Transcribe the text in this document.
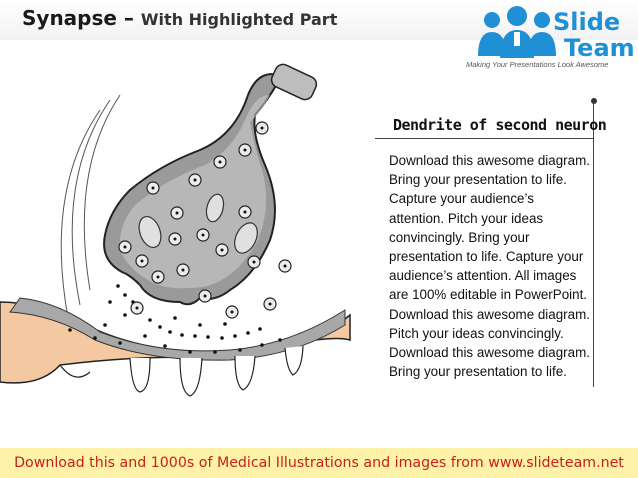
Synapse – With Highlighted Part	Slide
Team
Making Your Presentations Look Awesome
Dendrite of second neuron
Download this awesome diagram. Bring your presentation to life. Capture your audience’s attention. Pitch your ideas convincingly. Bring your presentation to life. Capture your audience’s attention. All images are 100% editable in PowerPoint. Download this awesome diagram. Pitch your ideas convincingly. Download this awesome diagram. Bring your presentation to life.
Download this and 1000s of Medical Illustrations and images from www.slideteam.net
